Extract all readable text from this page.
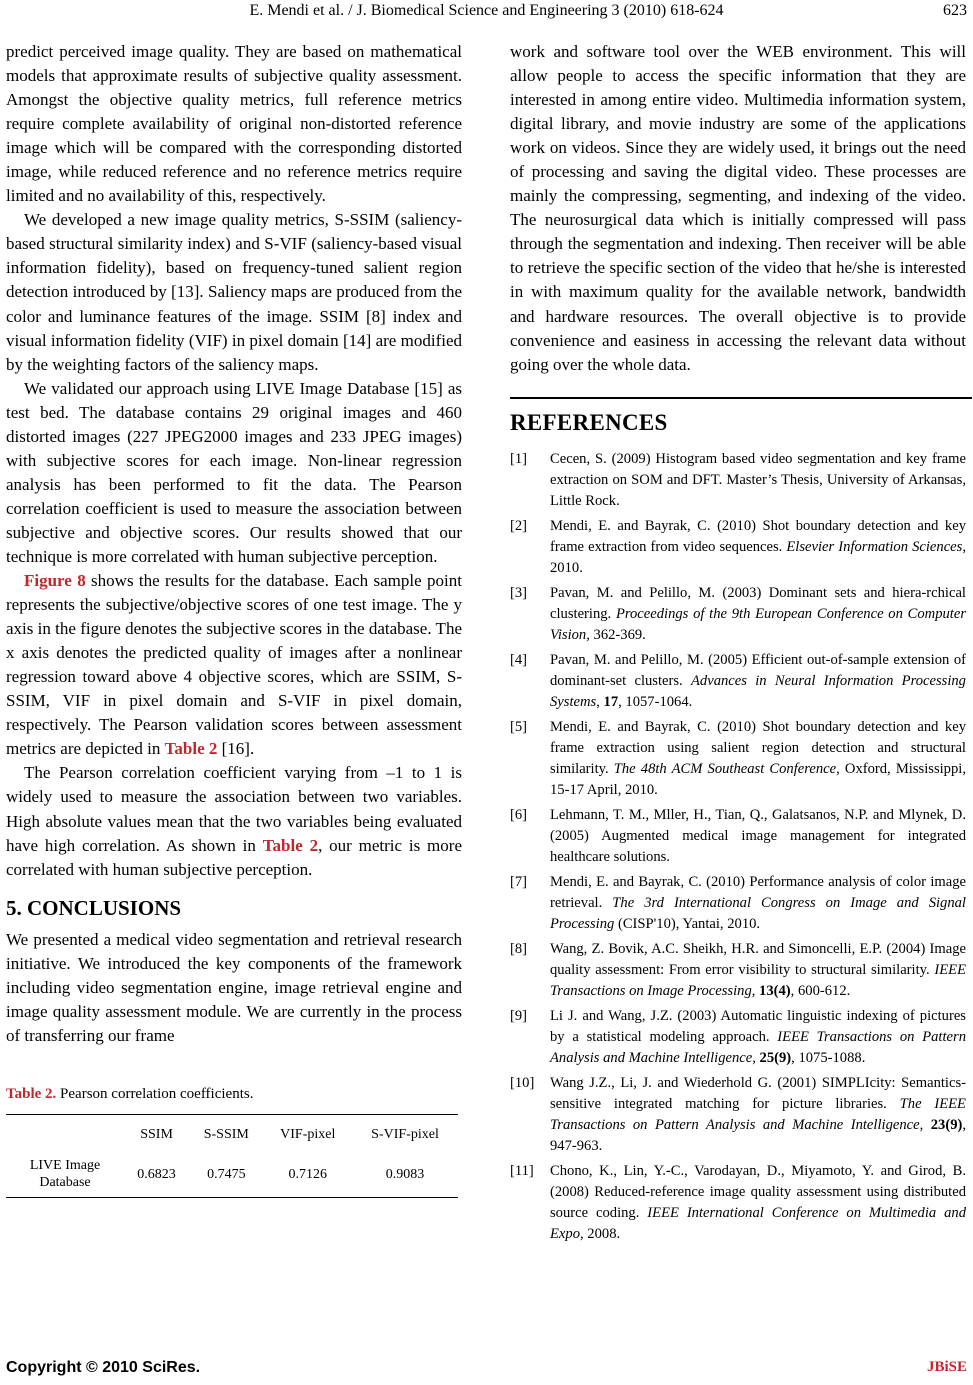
E. Mendi et al. / J. Biomedical Science and Engineering 3 (2010) 618-624	623

predict perceived image quality. They are based on mathematical models that approximate results of subjective quality assessment. Amongst the objective quality metrics, full reference metrics require complete availability of original non-distorted reference image which will be compared with the corresponding distorted image, while reduced reference and no reference metrics require limited and no availability of this, respectively.

We developed a new image quality metrics, S-SSIM (saliency-based structural similarity index) and S-VIF (saliency-based visual information fidelity), based on frequency-tuned salient region detection introduced by [13]. Saliency maps are produced from the color and luminance features of the image. SSIM [8] index and visual information fidelity (VIF) in pixel domain [14] are modified by the weighting factors of the saliency maps.

We validated our approach using LIVE Image Database [15] as test bed. The database contains 29 original images and 460 distorted images (227 JPEG2000 images and 233 JPEG images) with subjective scores for each image. Non-linear regression analysis has been performed to fit the data. The Pearson correlation coefficient is used to measure the association between subjective and objective scores. Our results showed that our technique is more correlated with human subjective perception.

Figure 8 shows the results for the database. Each sample point represents the subjective/objective scores of one test image. The y axis in the figure denotes the subjective scores in the database. The x axis denotes the predicted quality of images after a nonlinear regression toward above 4 objective scores, which are SSIM, S-SSIM, VIF in pixel domain and S-VIF in pixel domain, respectively. The Pearson validation scores between assessment metrics are depicted in Table 2 [16].

The Pearson correlation coefficient varying from –1 to 1 is widely used to measure the association between two variables. High absolute values mean that the two variables being evaluated have high correlation. As shown in Table 2, our metric is more correlated with human subjective perception.

5. CONCLUSIONS

We presented a medical video segmentation and retrieval research initiative. We introduced the key components of the framework including video segmentation engine, image retrieval engine and image quality assessment module. We are currently in the process of transferring our frame

Table 2. Pearson correlation coefficients.
	SSIM	S-SSIM	VIF-pixel	S-VIF-pixel
LIVE Image Database	0.6823	0.7475	0.7126	0.9083

work and software tool over the WEB environment. This will allow people to access the specific information that they are interested in among entire video. Multimedia information system, digital library, and movie industry are some of the applications work on videos. Since they are widely used, it brings out the need of processing and saving the digital video. These processes are mainly the compressing, segmenting, and indexing of the video. The neurosurgical data which is initially compressed will pass through the segmentation and indexing. Then receiver will be able to retrieve the specific section of the video that he/she is interested in with maximum quality for the available network, bandwidth and hardware resources. The overall objective is to provide convenience and easiness in accessing the relevant data without going over the whole data.

REFERENCES
[1] Cecen, S. (2009) Histogram based video segmentation and key frame extraction on SOM and DFT. Master’s Thesis, University of Arkansas, Little Rock.
[2] Mendi, E. and Bayrak, C. (2010) Shot boundary detection and key frame extraction from video sequences. Elsevier Information Sciences, 2010.
[3] Pavan, M. and Pelillo, M. (2003) Dominant sets and hiera-rchical clustering. Proceedings of the 9th European Conference on Computer Vision, 362-369.
[4] Pavan, M. and Pelillo, M. (2005) Efficient out-of-sample extension of dominant-set clusters. Advances in Neural Information Processing Systems, 17, 1057-1064.
[5] Mendi, E. and Bayrak, C. (2010) Shot boundary detection and key frame extraction using salient region detection and structural similarity. The 48th ACM Southeast Conference, Oxford, Mississippi, 15-17 April, 2010.
[6] Lehmann, T. M., Mller, H., Tian, Q., Galatsanos, N.P. and Mlynek, D. (2005) Augmented medical image management for integrated healthcare solutions.
[7] Mendi, E. and Bayrak, C. (2010) Performance analysis of color image retrieval. The 3rd International Congress on Image and Signal Processing (CISP'10), Yantai, 2010.
[8] Wang, Z. Bovik, A.C. Sheikh, H.R. and Simoncelli, E.P. (2004) Image quality assessment: From error visibility to structural similarity. IEEE Transactions on Image Processing, 13(4), 600-612.
[9] Li J. and Wang, J.Z. (2003) Automatic linguistic indexing of pictures by a statistical modeling approach. IEEE Transactions on Pattern Analysis and Machine Intelligence, 25(9), 1075-1088.
[10] Wang J.Z., Li, J. and Wiederhold G. (2001) SIMPLIcity: Semantics-sensitive integrated matching for picture libraries. The IEEE Transactions on Pattern Analysis and Machine Intelligence, 23(9), 947-963.
[11] Chono, K., Lin, Y.-C., Varodayan, D., Miyamoto, Y. and Girod, B. (2008) Reduced-reference image quality assessment using distributed source coding. IEEE International Conference on Multimedia and Expo, 2008.
Copyright © 2010 SciRes.	JBiSE
